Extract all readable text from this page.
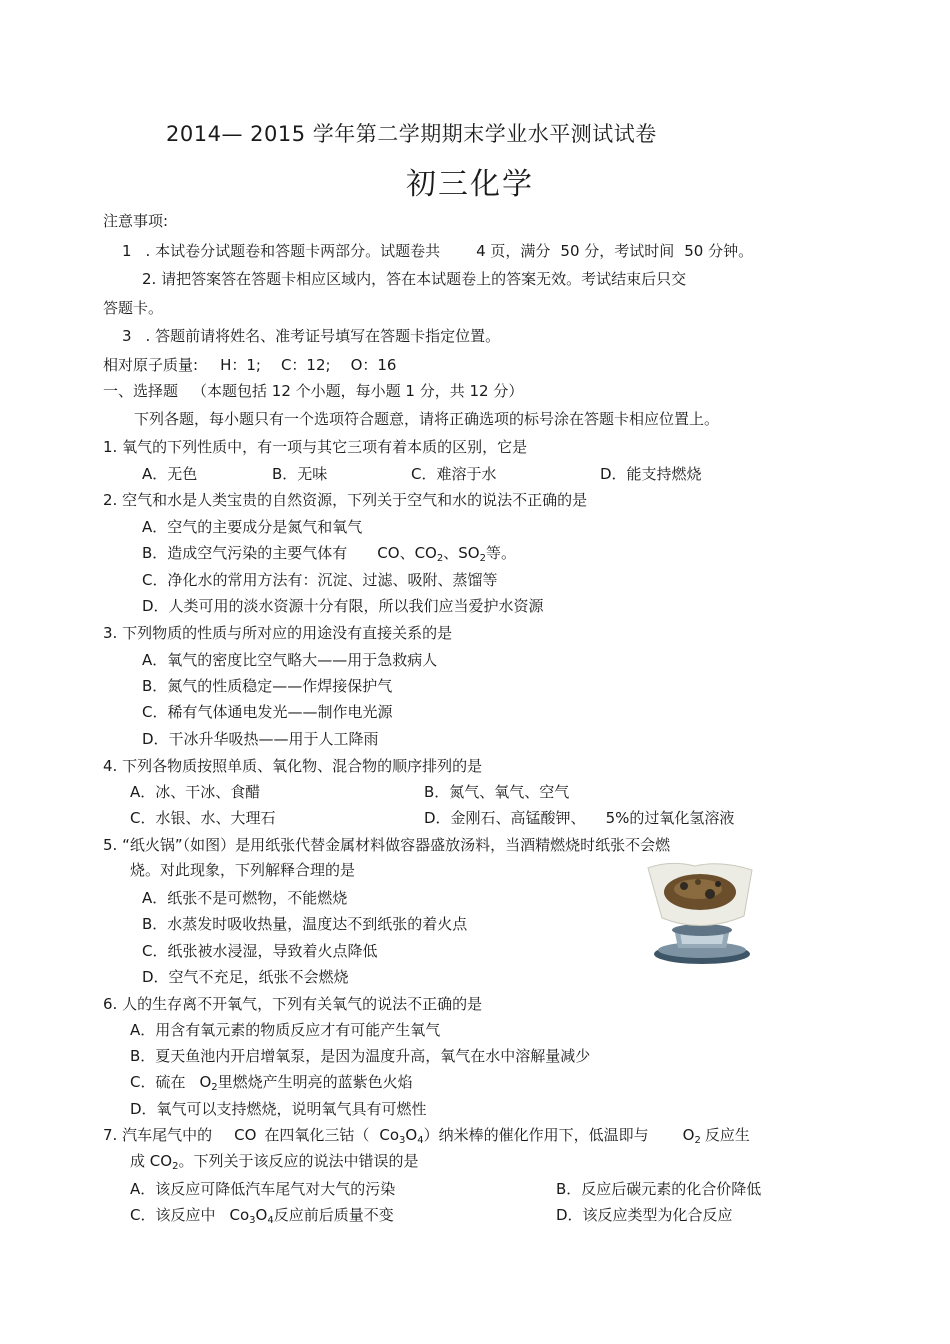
2014— 2015 学年第二学期期末学业水平测试试卷
初三化学
注意事项:
1 . 本试卷分试题卷和答题卡两部分。试题卷共 4 页，满分 50 分，考试时间 50 分钟。
2. 请把答案答在答题卡相应区域内，答在本试题卷上的答案无效。考试结束后只交
答题卡。
3 . 答题前请将姓名、准考证号填写在答题卡指定位置。
相对原子质量: H：1; C：12; O：16
一、选择题 （本题包括 12 个小题，每小题 1 分，共 12 分）
下列各题，每小题只有一个选项符合题意，请将正确选项的标号涂在答题卡相应位置上。
1. 氧气的下列性质中，有一项与其它三项有着本质的区别，它是
A．无色	B．无味	C．难溶于水	D．能支持燃烧
2. 空气和水是人类宝贵的自然资源，下列关于空气和水的说法不正确的是
A．空气的主要成分是氮气和氧气
B．造成空气污染的主要气体有 CO、$CO_2$、$SO_2$等。
C．净化水的常用方法有：沉淀、过滤、吸附、蒸馏等
D．人类可用的淡水资源十分有限，所以我们应当爱护水资源
3. 下列物质的性质与所对应的用途没有直接关系的是
A．氧气的密度比空气略大——用于急救病人
B．氮气的性质稳定——作焊接保护气
C．稀有气体通电发光——制作电光源
D．干冰升华吸热——用于人工降雨
4. 下列各物质按照单质、氧化物、混合物的顺序排列的是
A．冰、干冰、食醋	B．氮气、氧气、空气
C．水银、水、大理石	D．金刚石、高锰酸钾、 5%的过氧化氢溶液
5. “纸火锅”（如图）是用纸张代替金属材料做容器盛放汤料，当酒精燃烧时纸张不会燃
烧。对此现象，下列解释合理的是
A．纸张不是可燃物，不能燃烧
B．水蒸发时吸收热量，温度达不到纸张的着火点
C．纸张被水浸湿，导致着火点降低
D．空气不充足，纸张不会燃烧
6. 人的生存离不开氧气，下列有关氧气的说法不正确的是
A．用含有氧元素的物质反应才有可能产生氧气
B．夏天鱼池内开启增氧泵，是因为温度升高，氧气在水中溶解量减少
C．硫在 $O_2$里燃烧产生明亮的蓝紫色火焰
D．氧气可以支持燃烧，说明氧气具有可燃性
7. 汽车尾气中的 CO 在四氧化三钴（ $Co_3O_4$）纳米棒的催化作用下，低温即与 $O_2$ 反应生
成 $CO_2$。下列关于该反应的说法中错误的是
A．该反应可降低汽车尾气对大气的污染	B．反应后碳元素的化合价降低
C．该反应中 $Co_3O_4$反应前后质量不变	D．该反应类型为化合反应
